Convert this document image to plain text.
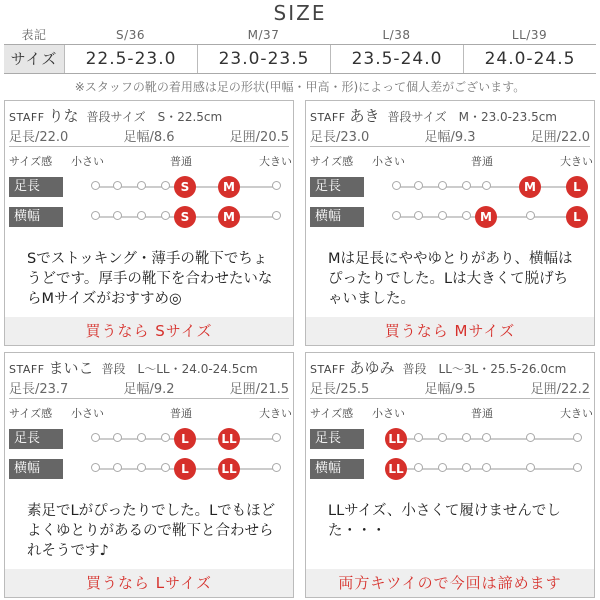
SIZE
表記	S/36	M/37	L/38	LL/39
サイズ	22.5-23.0	23.0-23.5	23.5-24.0	24.0-24.5
※スタッフの靴の着用感は足の形状(甲幅・甲高・形)によって個人差がございます。
STAFF りな 普段サイズ　S・22.5cm
足長/22.0	足幅/8.6	足囲/20.5
サイズ感 小さい	普通	大きい
足長	S	M
横幅	S	M
Sでストッキング・薄手の靴下でちょうどです。厚手の靴下を合わせたいならMサイズがおすすめ◎
買うなら Sサイズ
STAFF あき 普段サイズ　M・23.0-23.5cm
足長/23.0	足幅/9.3	足囲/22.0
サイズ感 小さい	普通	大きい
足長	M	L
横幅	M	L
Mは足長にややゆとりがあり、横幅はぴったりでした。Lは大きくて脱げちゃいました。
買うなら Mサイズ
STAFF まいこ 普段　L〜LL・24.0-24.5cm
足長/23.7	足幅/9.2	足囲/21.5
サイズ感 小さい	普通	大きい
足長	L	LL
横幅	L	LL
素足でLがぴったりでした。Lでもほどよくゆとりがあるので靴下と合わせられそうです♪
買うなら Lサイズ
STAFF あゆみ 普段　LL〜3L・25.5-26.0cm
足長/25.5	足幅/9.5	足囲/22.2
サイズ感 小さい	普通	大きい
足長	LL
横幅	LL
LLサイズ、小さくて履けませんでした・・・
両方キツイので今回は諦めます
